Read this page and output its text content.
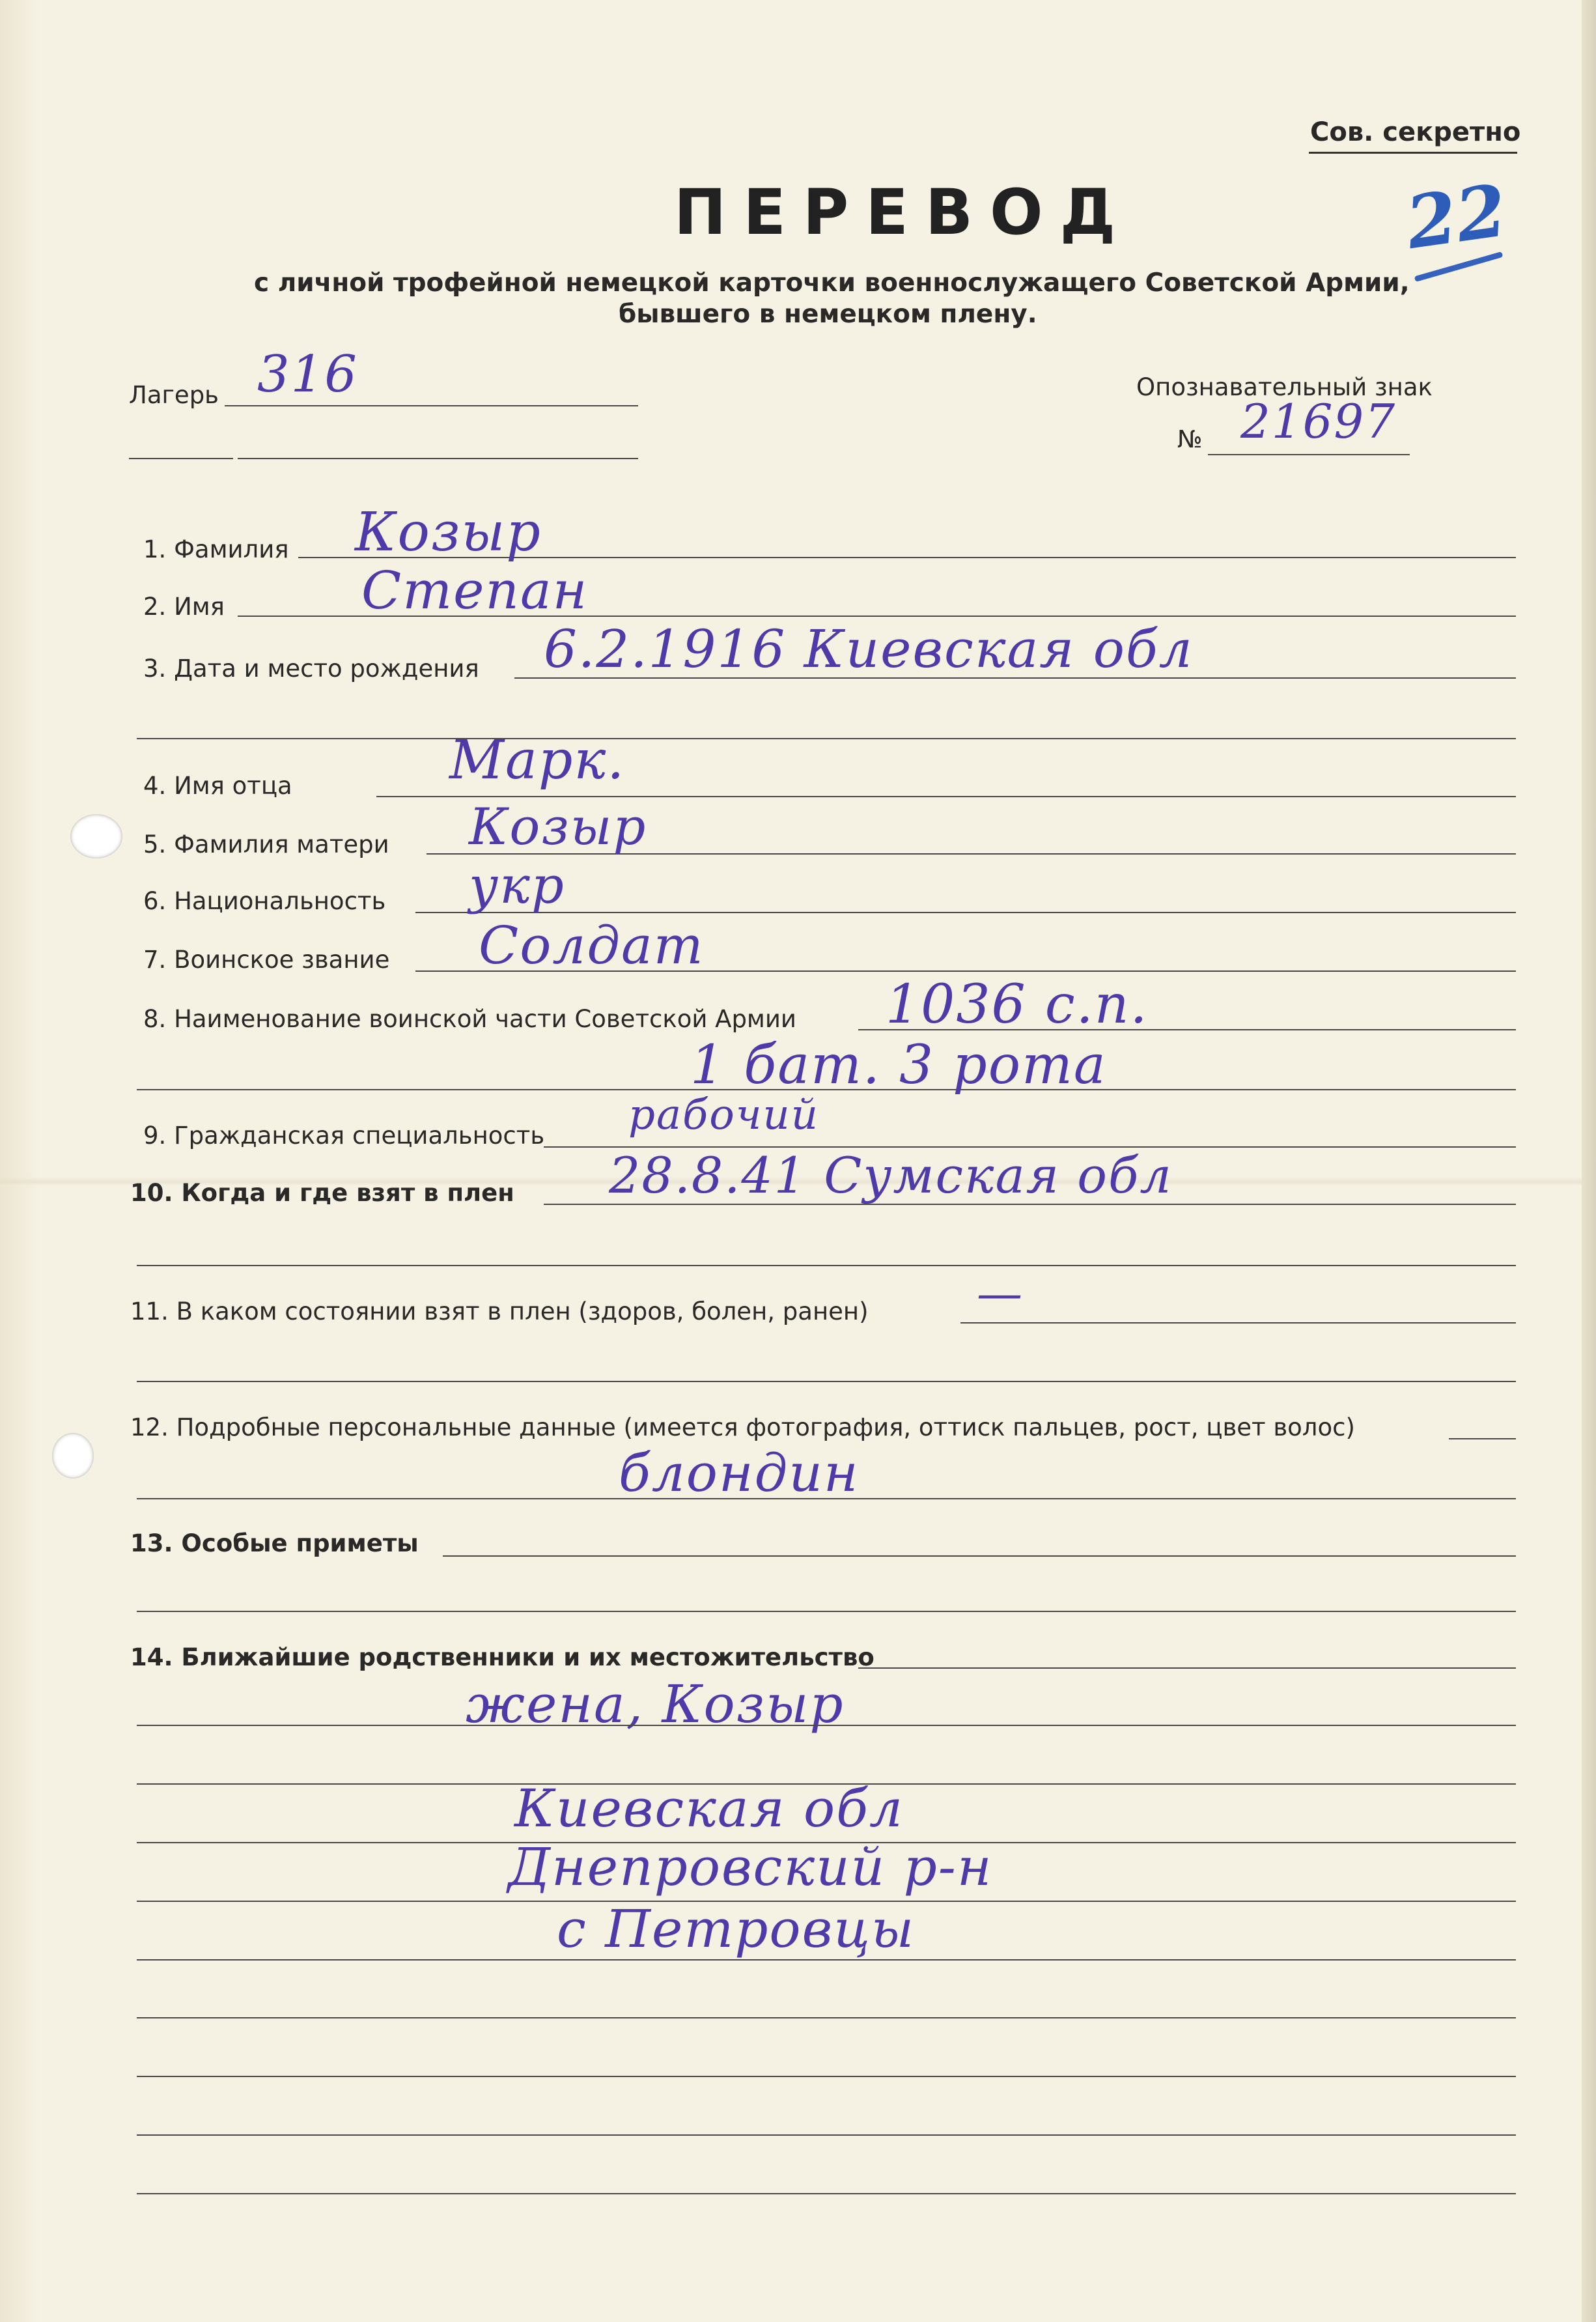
Сов. секретно
22
ПЕРЕВОД
с личной трофейной немецкой карточки военнослужащего Советской Армии,
бывшего в немецком плену.
Лагерь 316	Опознавательный знак
№ 21697
1. Фамилия Козыр
2. Имя	Степан
3. Дата и место рождения 6.2.1916 Киевская обл
4. Имя отца	Марк.
5. Фамилия матери Козыр
6. Национальность укр
7. Воинское звание Солдат
8. Наименование воинской части Советской Армии 1036 с.п.
1 бат. 3 рота
9. Гражданская специальность рабочий
10. Когда и где взят в плен 28.8.41 Сумская обл
11. В каком состоянии взят в плен (здоров, болен, ранен) —
12. Подробные персональные данные (имеется фотография, оттиск пальцев, рост, цвет волос)
блондин
13. Особые приметы
14. Ближайшие родственники и их местожительство
жена, Козыр
Киевская обл
Днепровский р-н
с Петровцы
